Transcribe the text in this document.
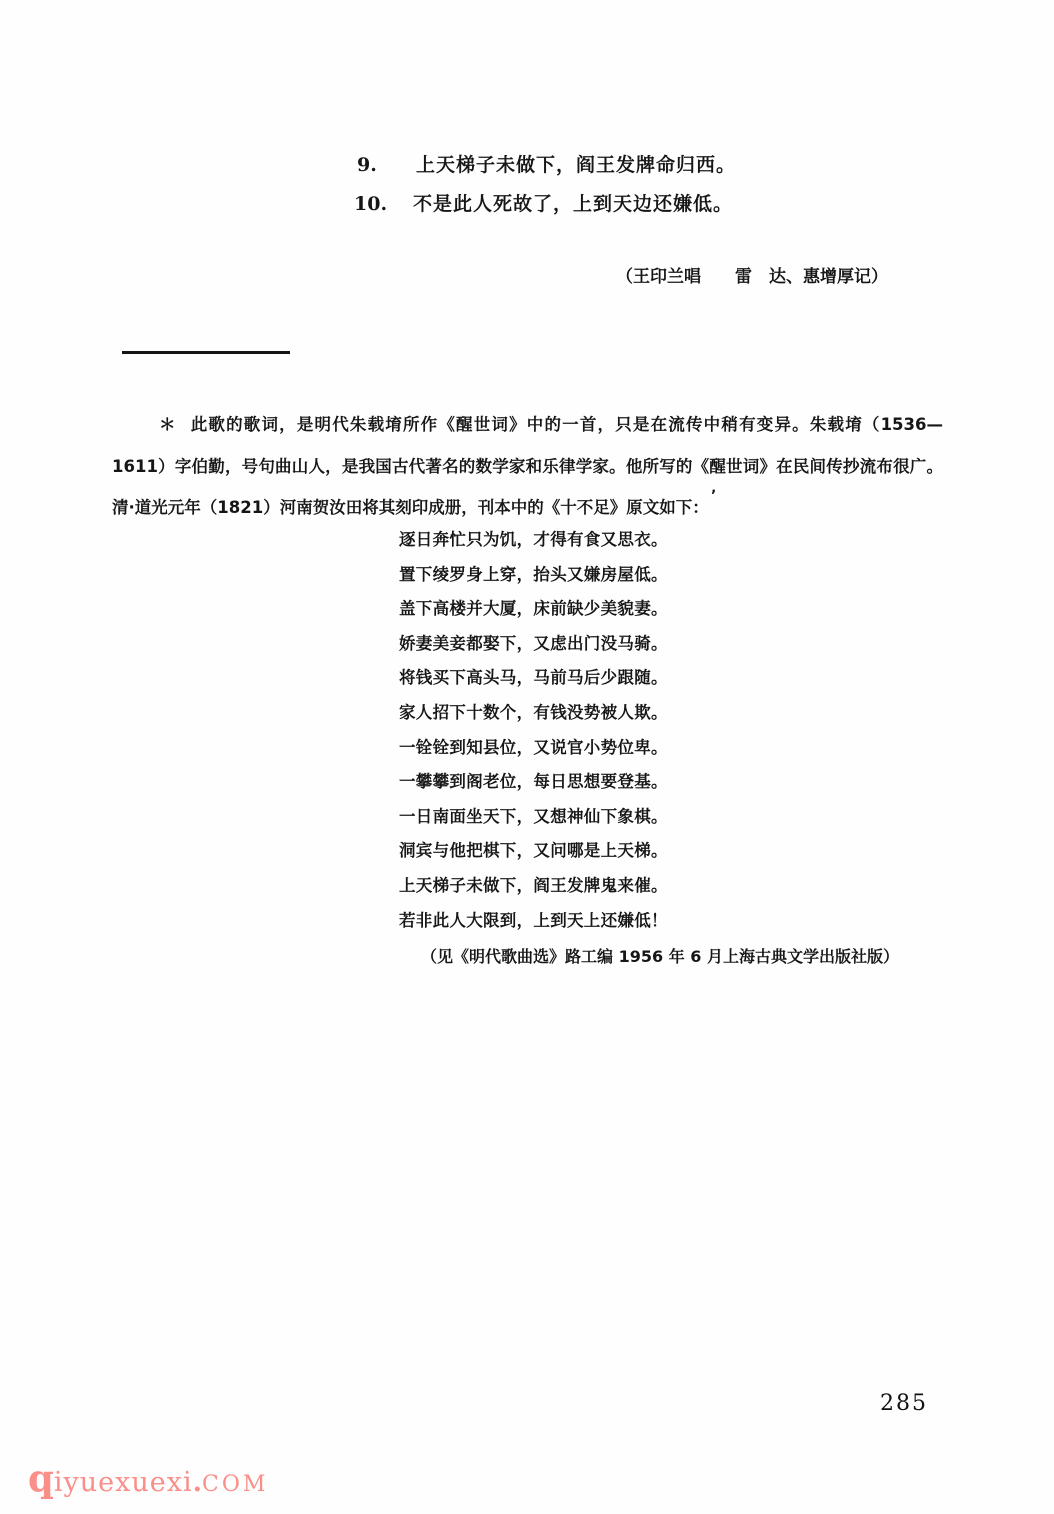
9. 上天梯子未做下，阎王发牌命归西。
10. 不是此人死故了，上到天边还嫌低。
（王印兰唱　　雷　达、惠增厚记）

＊ 此歌的歌词，是明代朱载堉所作《醒世词》中的一首，只是在流传中稍有变异。朱载堉（1536—1611）字伯勤，号句曲山人，是我国古代著名的数学家和乐律学家。他所写的《醒世词》在民间传抄流布很广。清·道光元年（1821）河南贺汝田将其刻印成册，刊本中的《十不足》原文如下：

ʼ
逐日奔忙只为饥，才得有食又思衣。
置下绫罗身上穿，抬头又嫌房屋低。
盖下高楼并大厦，床前缺少美貌妻。
娇妻美妾都娶下，又虑出门没马骑。
将钱买下高头马，马前马后少跟随。
家人招下十数个，有钱没势被人欺。
一铨铨到知县位，又说官小势位卑。
一攀攀到阁老位，每日思想要登基。
一日南面坐天下，又想神仙下象棋。
洞宾与他把棋下，又问哪是上天梯。
上天梯子未做下，阎王发牌鬼来催。
若非此人大限到，上到天上还嫌低！
（见《明代歌曲选》路工编 1956 年 6 月上海古典文学出版社版）
285
qiyuexuexi.COM
